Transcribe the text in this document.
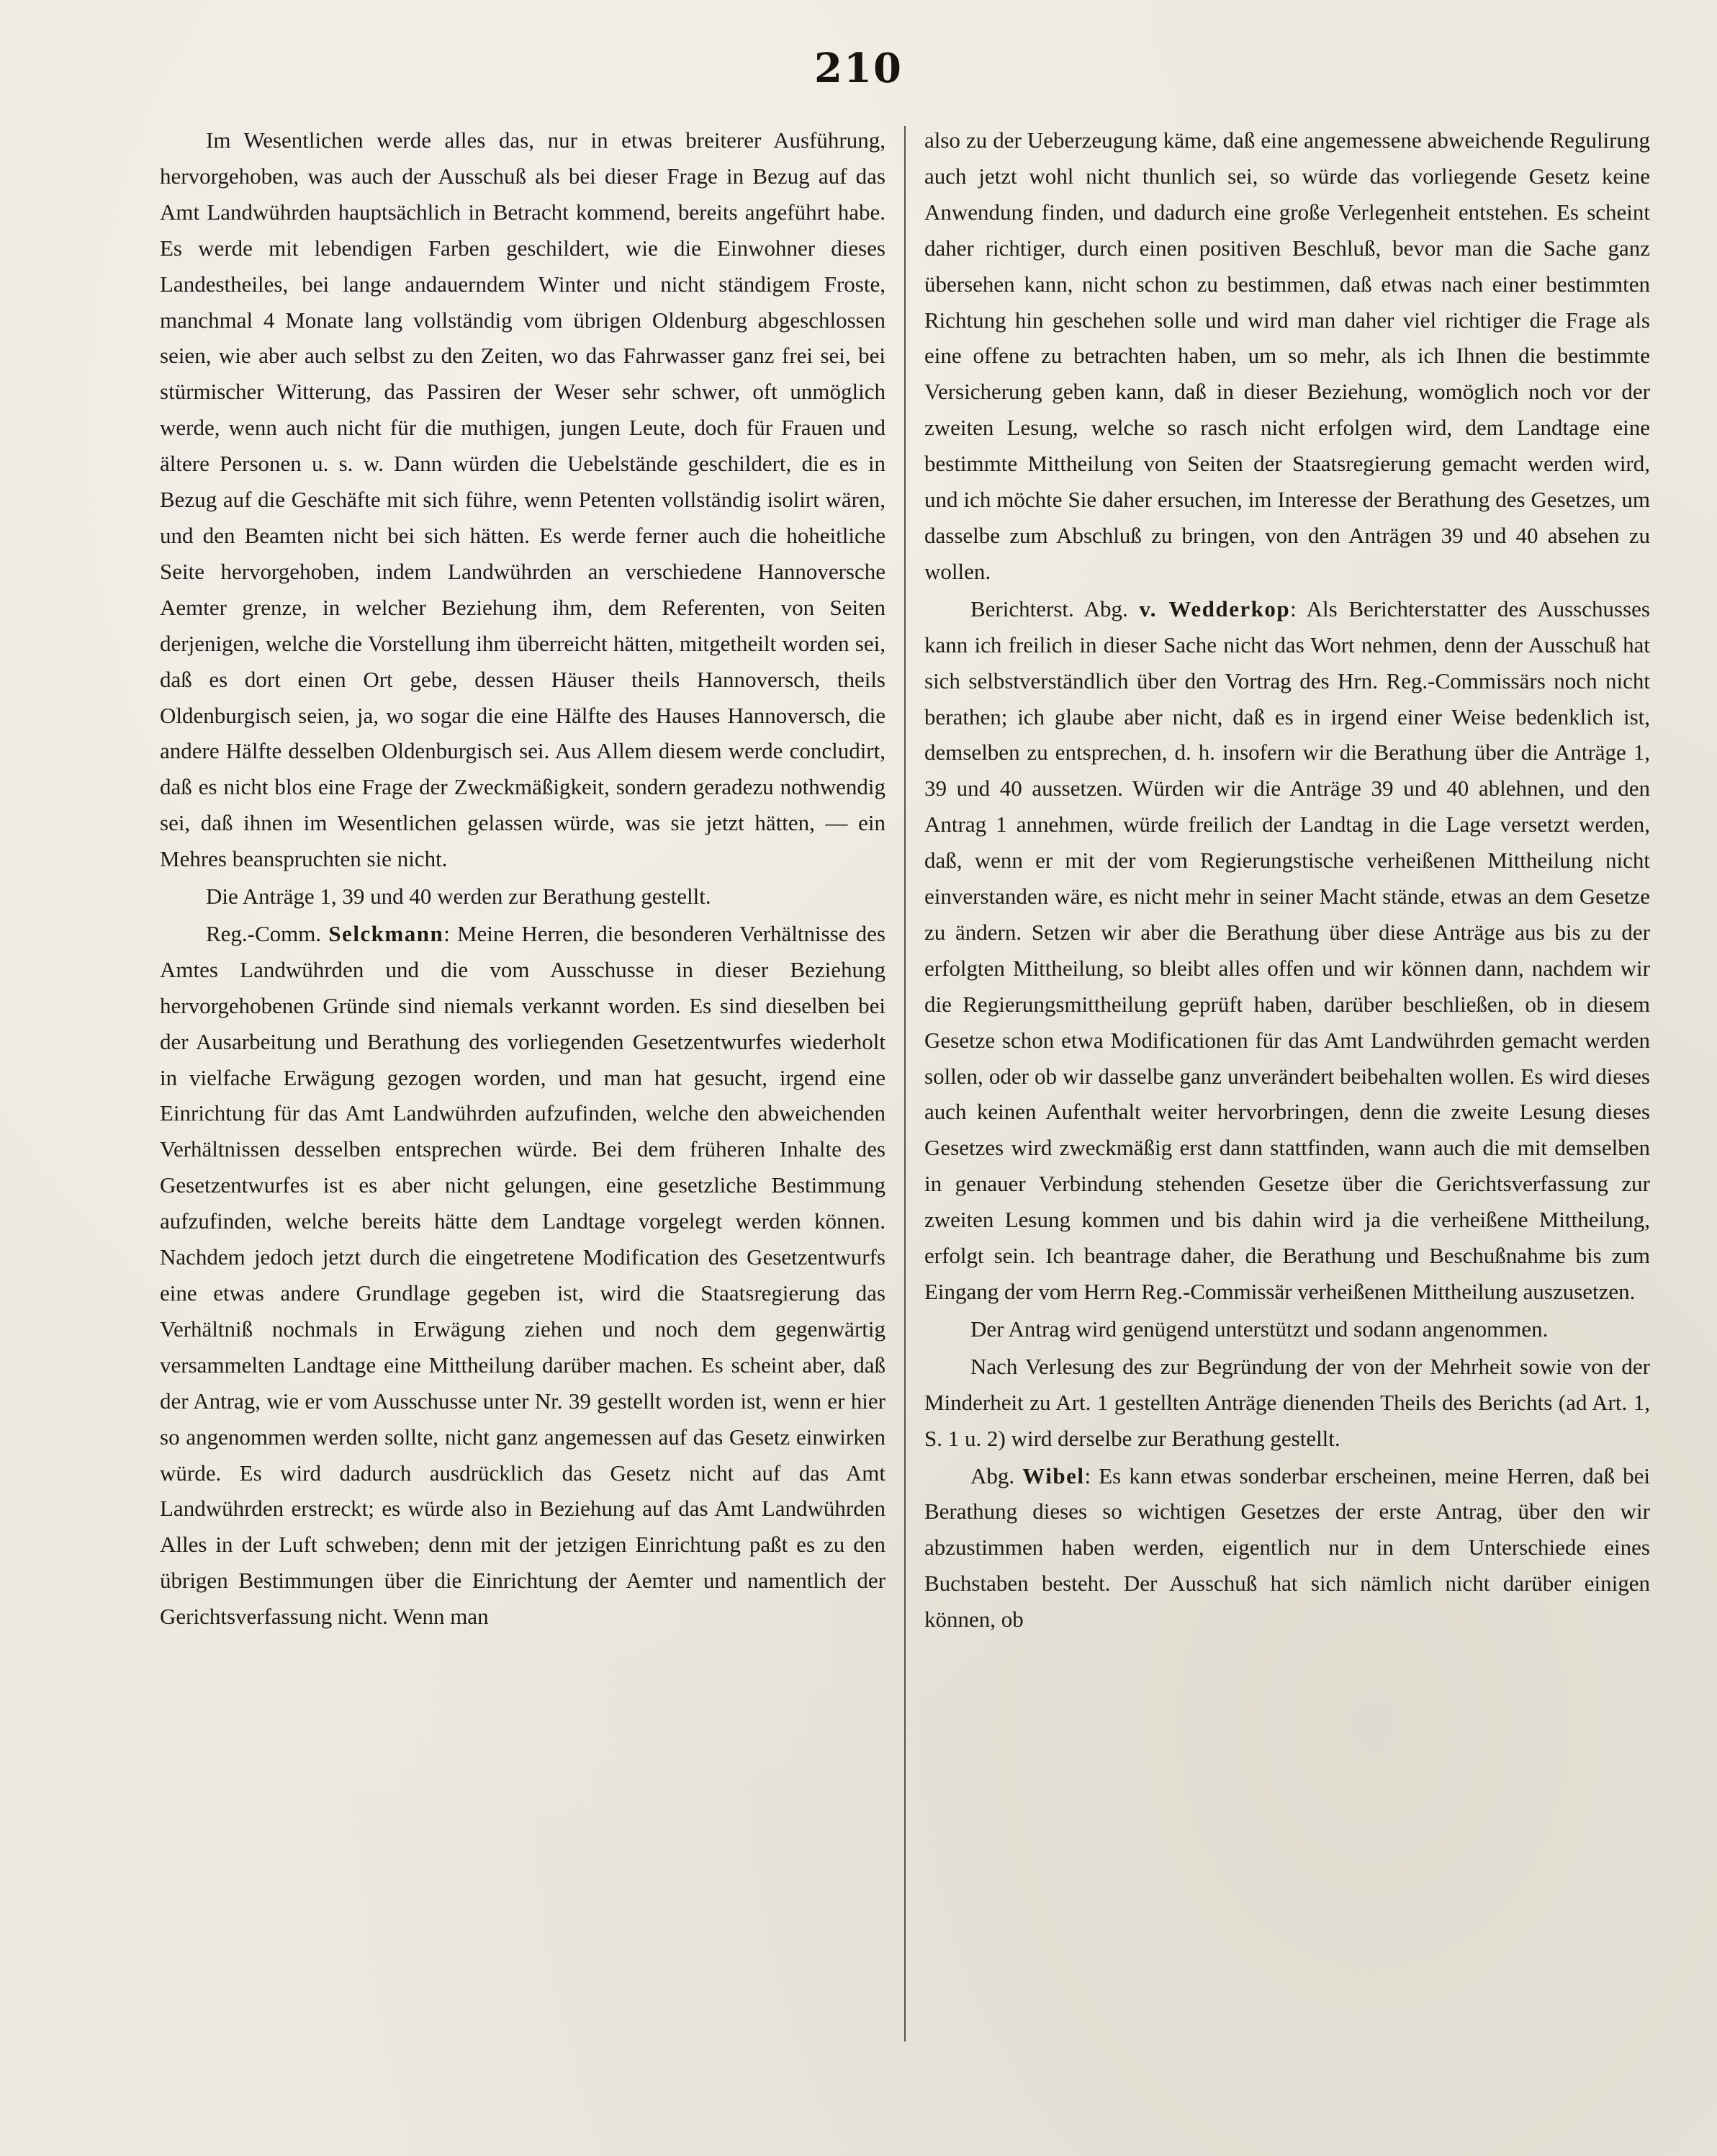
210

Im Wesentlichen werde alles das, nur in etwas breiterer Ausführung, hervorgehoben, was auch der Ausschuß als bei dieser Frage in Bezug auf das Amt Landwührden hauptsächlich in Betracht kommend, bereits angeführt habe. Es werde mit lebendigen Farben geschildert, wie die Einwohner dieses Landestheiles, bei lange andauerndem Winter und nicht ständigem Froste, manchmal 4 Monate lang vollständig vom übrigen Oldenburg abgeschlossen seien, wie aber auch selbst zu den Zeiten, wo das Fahrwasser ganz frei sei, bei stürmischer Witterung, das Passiren der Weser sehr schwer, oft unmöglich werde, wenn auch nicht für die muthigen, jungen Leute, doch für Frauen und ältere Personen u. s. w. Dann würden die Uebelstände geschildert, die es in Bezug auf die Geschäfte mit sich führe, wenn Petenten vollständig isolirt wären, und den Beamten nicht bei sich hätten. Es werde ferner auch die hoheitliche Seite hervorgehoben, indem Landwührden an verschiedene Hannoversche Aemter grenze, in welcher Beziehung ihm, dem Referenten, von Seiten derjenigen, welche die Vorstellung ihm überreicht hätten, mitgetheilt worden sei, daß es dort einen Ort gebe, dessen Häuser theils Hannoversch, theils Oldenburgisch seien, ja, wo sogar die eine Hälfte des Hauses Hannoversch, die andere Hälfte desselben Oldenburgisch sei. Aus Allem diesem werde concludirt, daß es nicht blos eine Frage der Zweckmäßigkeit, sondern geradezu nothwendig sei, daß ihnen im Wesentlichen gelassen würde, was sie jetzt hätten, — ein Mehres beanspruchten sie nicht.

Die Anträge 1, 39 und 40 werden zur Berathung gestellt.

Reg.-Comm. Selckmann: Meine Herren, die besonderen Verhältnisse des Amtes Landwührden und die vom Ausschusse in dieser Beziehung hervorgehobenen Gründe sind niemals verkannt worden. Es sind dieselben bei der Ausarbeitung und Berathung des vorliegenden Gesetzentwurfes wiederholt in vielfache Erwägung gezogen worden, und man hat gesucht, irgend eine Einrichtung für das Amt Landwührden aufzufinden, welche den abweichenden Verhältnissen desselben entsprechen würde. Bei dem früheren Inhalte des Gesetzentwurfes ist es aber nicht gelungen, eine gesetzliche Bestimmung aufzufinden, welche bereits hätte dem Landtage vorgelegt werden können. Nachdem jedoch jetzt durch die eingetretene Modification des Gesetzentwurfs eine etwas andere Grundlage gegeben ist, wird die Staatsregierung das Verhältniß nochmals in Erwägung ziehen und noch dem gegenwärtig versammelten Landtage eine Mittheilung darüber machen. Es scheint aber, daß der Antrag, wie er vom Ausschusse unter Nr. 39 gestellt worden ist, wenn er hier so angenommen werden sollte, nicht ganz angemessen auf das Gesetz einwirken würde. Es wird dadurch ausdrücklich das Gesetz nicht auf das Amt Landwührden erstreckt; es würde also in Beziehung auf das Amt Landwührden Alles in der Luft schweben; denn mit der jetzigen Einrichtung paßt es zu den übrigen Bestimmungen über die Einrichtung der Aemter und namentlich der Gerichtsverfassung nicht. Wenn man

also zu der Ueberzeugung käme, daß eine angemessene abweichende Regulirung auch jetzt wohl nicht thunlich sei, so würde das vorliegende Gesetz keine Anwendung finden, und dadurch eine große Verlegenheit entstehen. Es scheint daher richtiger, durch einen positiven Beschluß, bevor man die Sache ganz übersehen kann, nicht schon zu bestimmen, daß etwas nach einer bestimmten Richtung hin geschehen solle und wird man daher viel richtiger die Frage als eine offene zu betrachten haben, um so mehr, als ich Ihnen die bestimmte Versicherung geben kann, daß in dieser Beziehung, womöglich noch vor der zweiten Lesung, welche so rasch nicht erfolgen wird, dem Landtage eine bestimmte Mittheilung von Seiten der Staatsregierung gemacht werden wird, und ich möchte Sie daher ersuchen, im Interesse der Berathung des Gesetzes, um dasselbe zum Abschluß zu bringen, von den Anträgen 39 und 40 absehen zu wollen.

Berichterst. Abg. v. Wedderkop: Als Berichterstatter des Ausschusses kann ich freilich in dieser Sache nicht das Wort nehmen, denn der Ausschuß hat sich selbstverständlich über den Vortrag des Hrn. Reg.-Commissärs noch nicht berathen; ich glaube aber nicht, daß es in irgend einer Weise bedenklich ist, demselben zu entsprechen, d. h. insofern wir die Berathung über die Anträge 1, 39 und 40 aussetzen. Würden wir die Anträge 39 und 40 ablehnen, und den Antrag 1 annehmen, würde freilich der Landtag in die Lage versetzt werden, daß, wenn er mit der vom Regierungstische verheißenen Mittheilung nicht einverstanden wäre, es nicht mehr in seiner Macht stände, etwas an dem Gesetze zu ändern. Setzen wir aber die Berathung über diese Anträge aus bis zu der erfolgten Mittheilung, so bleibt alles offen und wir können dann, nachdem wir die Regierungsmittheilung geprüft haben, darüber beschließen, ob in diesem Gesetze schon etwa Modificationen für das Amt Landwührden gemacht werden sollen, oder ob wir dasselbe ganz unverändert beibehalten wollen. Es wird dieses auch keinen Aufenthalt weiter hervorbringen, denn die zweite Lesung dieses Gesetzes wird zweckmäßig erst dann stattfinden, wann auch die mit demselben in genauer Verbindung stehenden Gesetze über die Gerichtsverfassung zur zweiten Lesung kommen und bis dahin wird ja die verheißene Mittheilung, erfolgt sein. Ich beantrage daher, die Berathung und Beschußnahme bis zum Eingang der vom Herrn Reg.-Commissär verheißenen Mittheilung auszusetzen.

Der Antrag wird genügend unterstützt und sodann angenommen.

Nach Verlesung des zur Begründung der von der Mehrheit sowie von der Minderheit zu Art. 1 gestellten Anträge dienenden Theils des Berichts (ad Art. 1, S. 1 u. 2) wird derselbe zur Berathung gestellt.

Abg. Wibel: Es kann etwas sonderbar erscheinen, meine Herren, daß bei Berathung dieses so wichtigen Gesetzes der erste Antrag, über den wir abzustimmen haben werden, eigentlich nur in dem Unterschiede eines Buchstaben besteht. Der Ausschuß hat sich nämlich nicht darüber einigen können, ob
